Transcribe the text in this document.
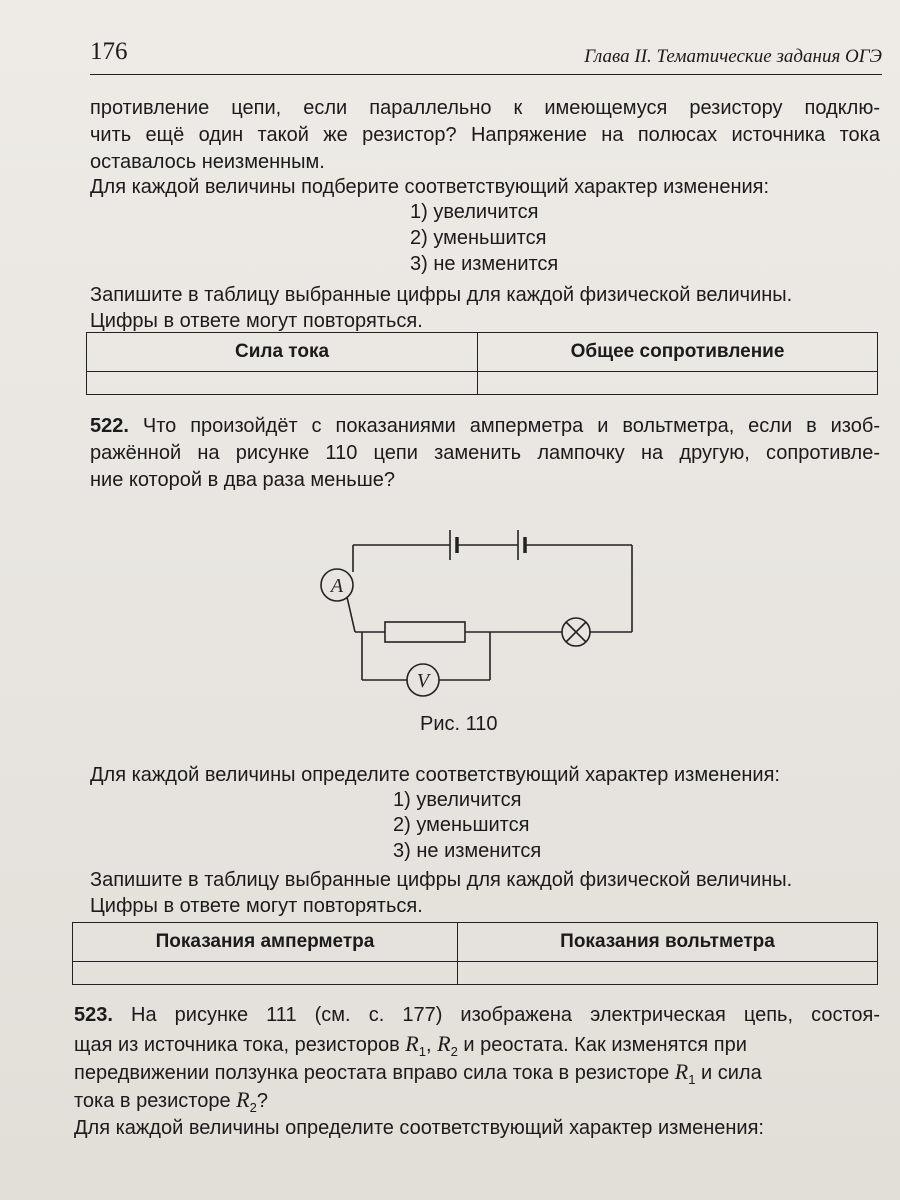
176	Глава II. Тематические задания ОГЭ
противление цепи, если параллельно к имеющемуся резистору подклю-
чить ещё один такой же резистор? Напряжение на полюсах источника тока
оставалось неизменным.
Для каждой величины подберите соответствующий характер изменения:
1) увеличится
2) уменьшится
3) не изменится
Запишите в таблицу выбранные цифры для каждой физической величины.
Цифры в ответе могут повторяться.
Сила тока	Общее сопротивление

522. Что произойдёт с показаниями амперметра и вольтметра, если в изоб-
ражённой на рисунке 110 цепи заменить лампочку на другую, сопротивле-
ние которой в два раза меньше?
A
V
Рис. 110
Для каждой величины определите соответствующий характер изменения:
1) увеличится
2) уменьшится
3) не изменится
Запишите в таблицу выбранные цифры для каждой физической величины.
Цифры в ответе могут повторяться.
Показания амперметра	Показания вольтметра

523. На рисунке 111 (см. с. 177) изображена электрическая цепь, состоя-
щая из источника тока, резисторов $R_1$, $R_2$ и реостата. Как изменятся при
передвижении ползунка реостата вправо сила тока в резисторе $R_1$ и сила
тока в резисторе $R_2$?
Для каждой величины определите соответствующий характер изменения:
